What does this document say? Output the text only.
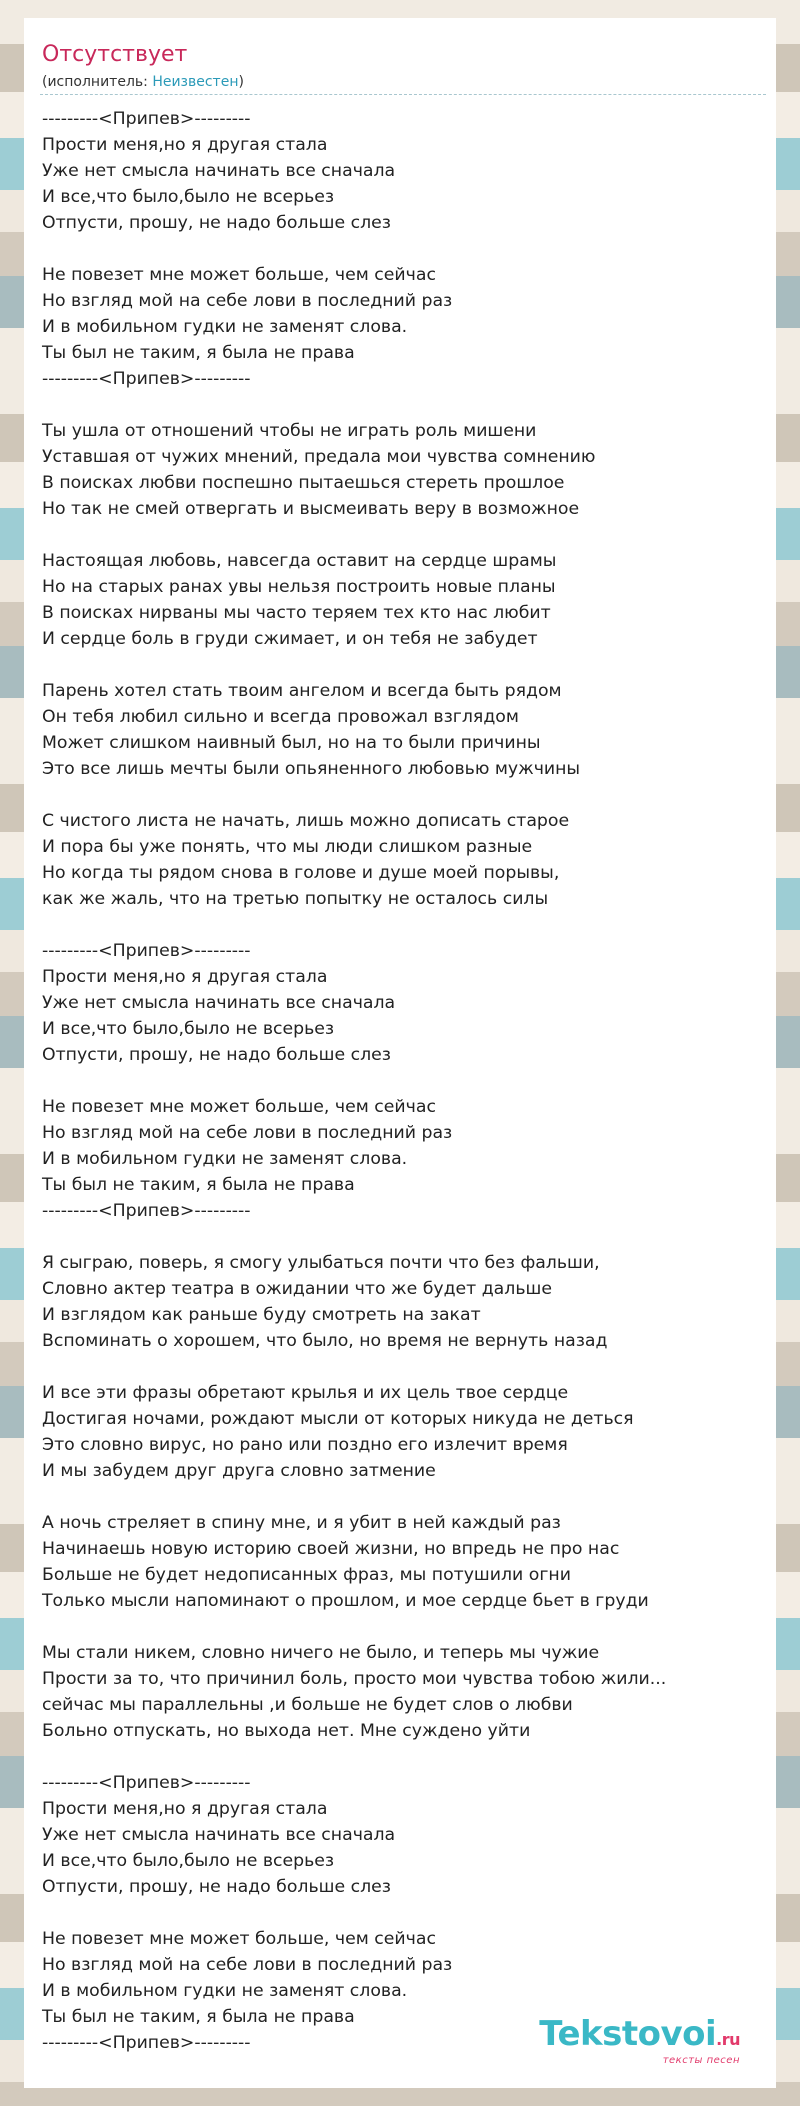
Отсутствует
(исполнитель: Неизвестен)
---------<Припев>---------
Прости меня,но я другая стала
Уже нет смысла начинать все сначала
И все,что было,было не всерьез
Отпусти, прошу, не надо больше слез
Не повезет мне может больше, чем сейчас
Но взгляд мой на себе лови в последний раз
И в мобильном гудки не заменят слова.
Ты был не таким, я была не права
---------<Припев>---------
Ты ушла от отношений чтобы не играть роль мишени
Уставшая от чужих мнений, предала мои чувства сомнению
В поисках любви поспешно пытаешься стереть прошлое
Но так не смей отвергать и высмеивать веру в возможное
Настоящая любовь, навсегда оставит на сердце шрамы
Но на старых ранах увы нельзя построить новые планы
В поисках нирваны мы часто теряем тех кто нас любит
И сердце боль в груди сжимает, и он тебя не забудет
Парень хотел стать твоим ангелом и всегда быть рядом
Он тебя любил сильно и всегда провожал взглядом
Может слишком наивный был, но на то были причины
Это все лишь мечты были опьяненного любовью мужчины
С чистого листа не начать, лишь можно дописать старое
И пора бы уже понять, что мы люди слишком разные
Но когда ты рядом снова в голове и душе моей порывы,
как же жаль, что на третью попытку не осталось силы
---------<Припев>---------
Прости меня,но я другая стала
Уже нет смысла начинать все сначала
И все,что было,было не всерьез
Отпусти, прошу, не надо больше слез
Не повезет мне может больше, чем сейчас
Но взгляд мой на себе лови в последний раз
И в мобильном гудки не заменят слова.
Ты был не таким, я была не права
---------<Припев>---------
Я сыграю, поверь, я смогу улыбаться почти что без фальши,
Словно актер театра в ожидании что же будет дальше
И взглядом как раньше буду смотреть на закат
Вспоминать о хорошем, что было, но время не вернуть назад
И все эти фразы обретают крылья и их цель твое сердце
Достигая ночами, рождают мысли от которых никуда не деться
Это словно вирус, но рано или поздно его излечит время
И мы забудем друг друга словно затмение
А ночь стреляет в спину мне, и я убит в ней каждый раз
Начинаешь новую историю своей жизни, но впредь не про нас
Больше не будет недописанных фраз, мы потушили огни
Только мысли напоминают о прошлом, и мое сердце бьет в груди
Мы стали никем, словно ничего не было, и теперь мы чужие
Прости за то, что причинил боль, просто мои чувства тобою жили...
сейчас мы параллельны ,и больше не будет слов о любви
Больно отпускать, но выхода нет. Мне суждено уйти
---------<Припев>---------
Прости меня,но я другая стала
Уже нет смысла начинать все сначала
И все,что было,было не всерьез
Отпусти, прошу, не надо больше слез
Не повезет мне может больше, чем сейчас
Но взгляд мой на себе лови в последний раз
И в мобильном гудки не заменят слова.
Ты был не таким, я была не права
---------<Припев>---------	Tekstovoi.ru
тексты песен
